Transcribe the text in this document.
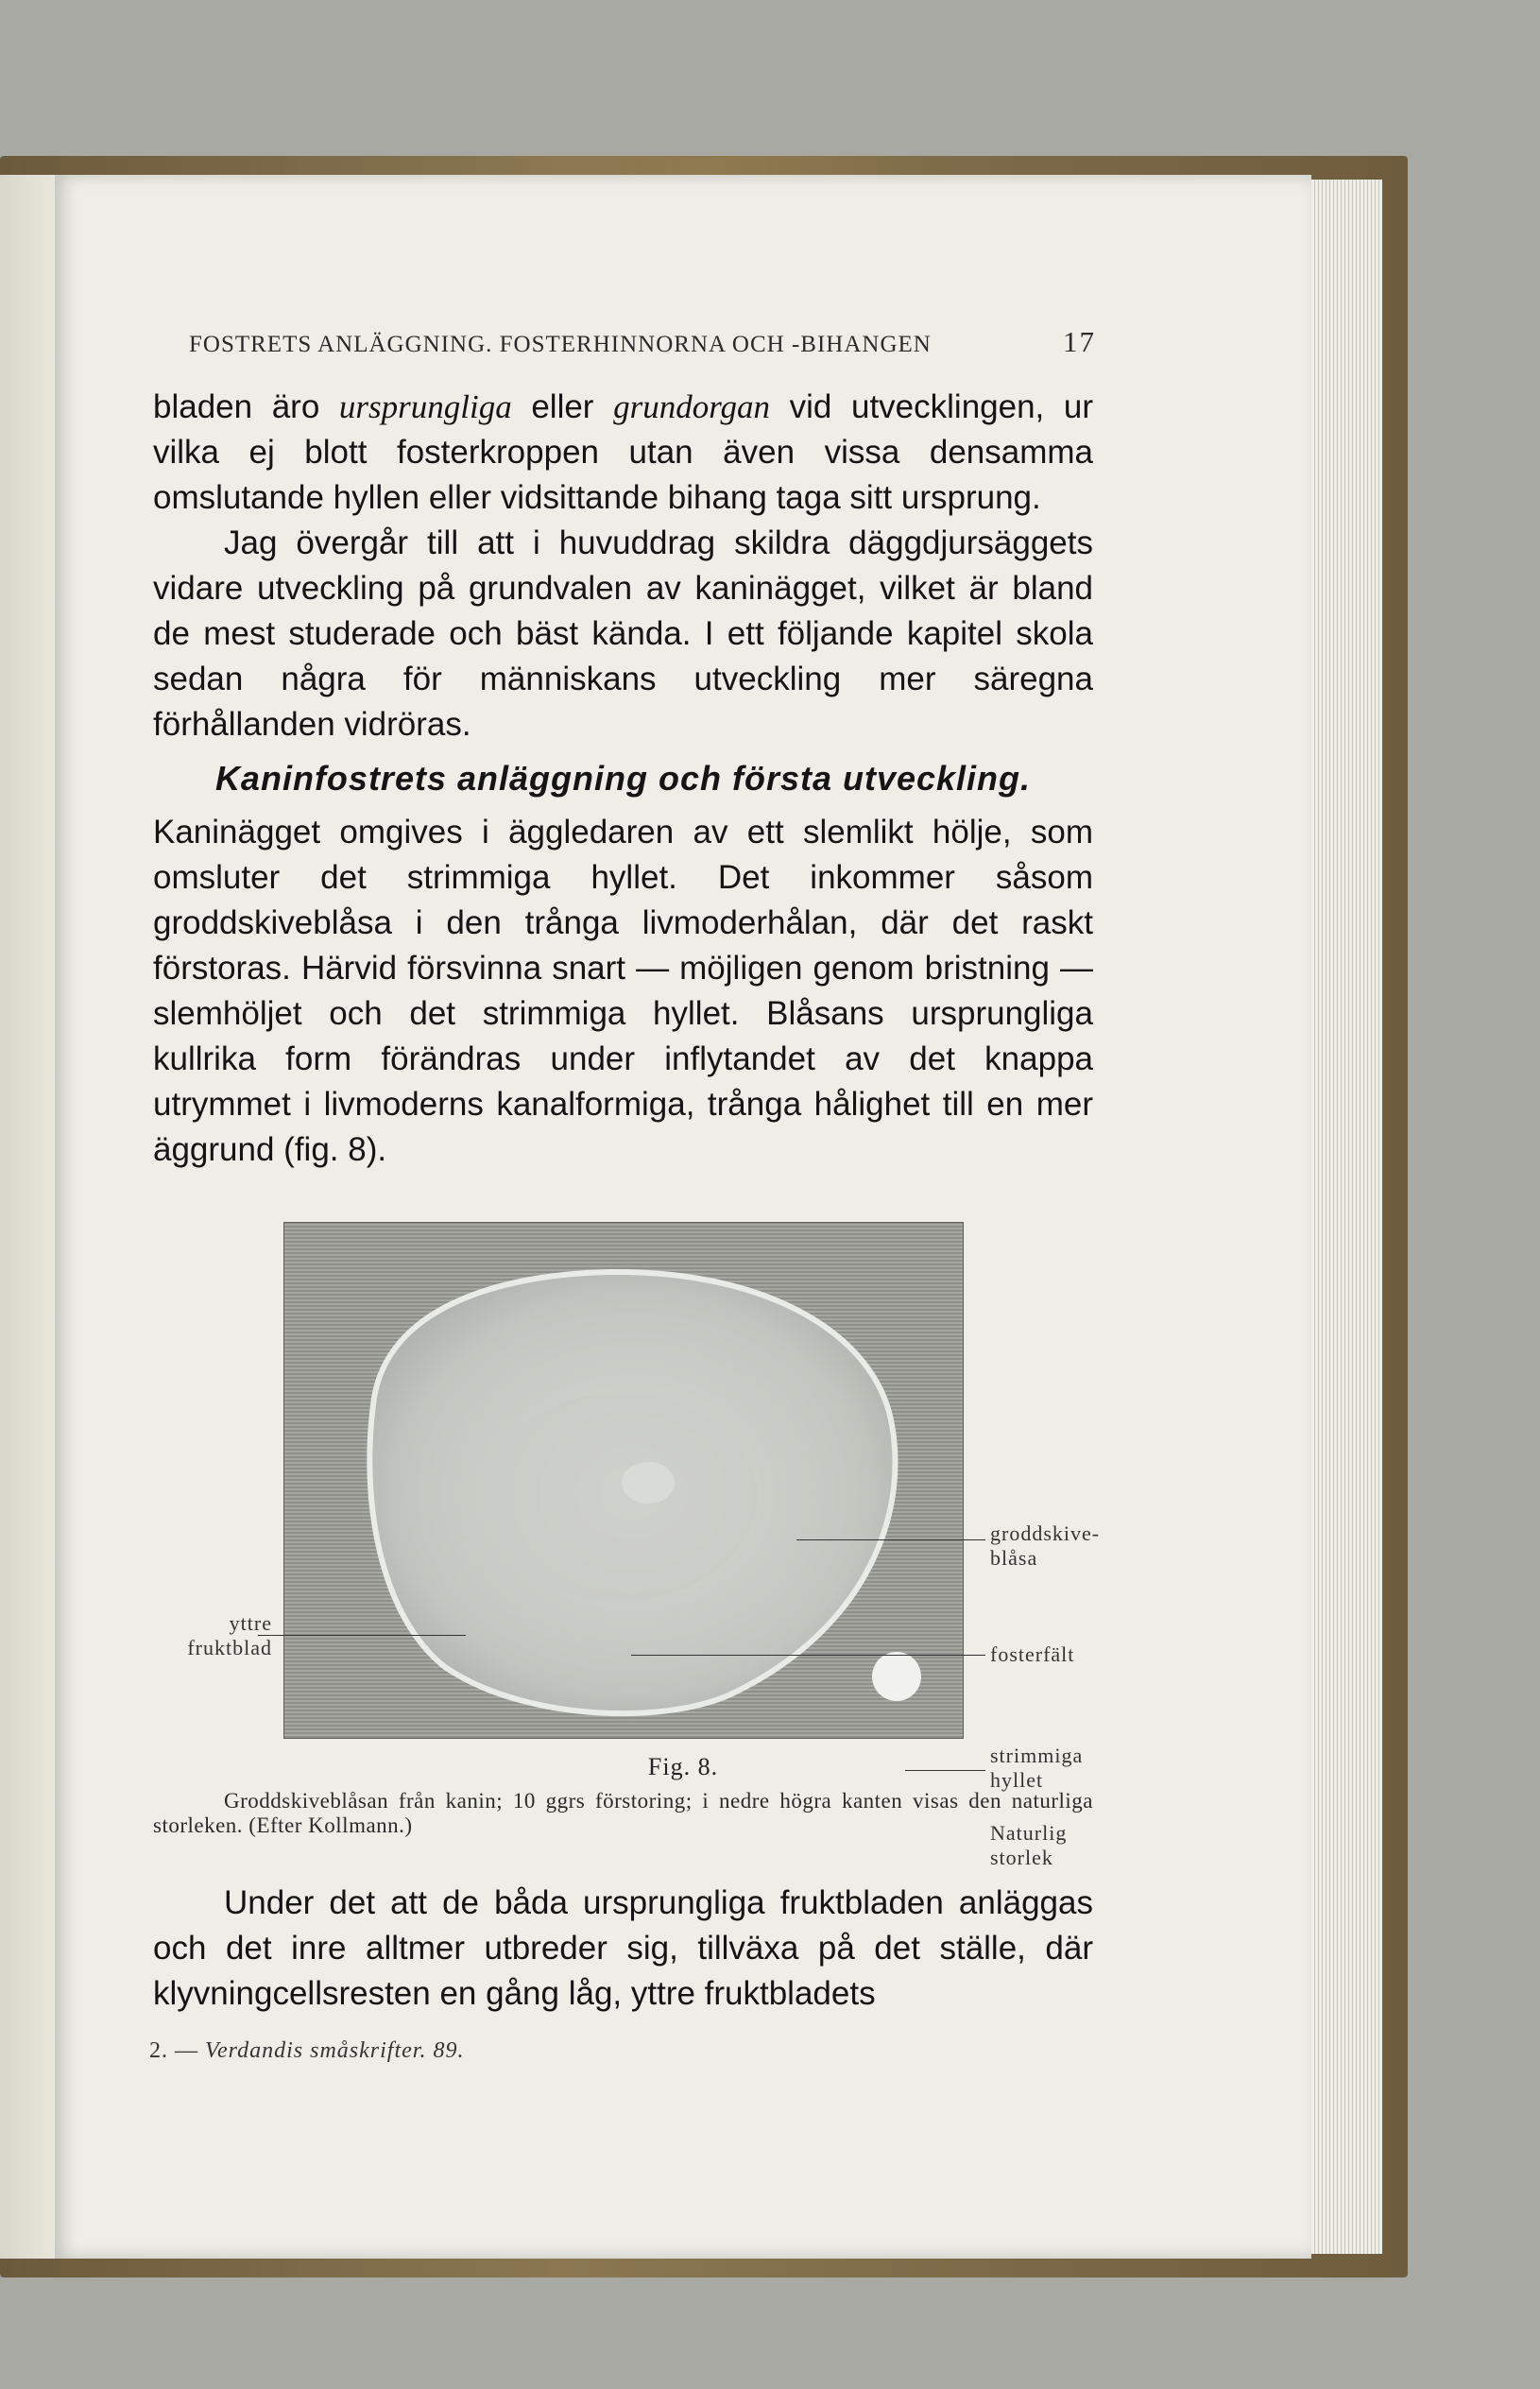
FOSTRETS ANLÄGGNING. FOSTERHINNORNA OCH -BIHANGEN	17

bladen äro ursprungliga eller grundorgan vid utvecklingen, ur vilka ej blott fosterkroppen utan även vissa densamma omslutande hyllen eller vidsittande bihang taga sitt ursprung.

Jag övergår till att i huvuddrag skildra däggdjursäggets vidare utveckling på grundvalen av kaninägget, vilket är bland de mest studerade och bäst kända. I ett följande kapitel skola sedan några för människans utveckling mer säregna förhållanden vidröras.

Kaninfostrets anläggning och första utveckling.

Kaninägget omgives i äggledaren av ett slemlikt hölje, som omsluter det strimmiga hyllet. Det inkommer såsom groddskiveblåsa i den trånga livmoderhålan, där det raskt förstoras. Härvid försvinna snart — möjligen genom bristning — slemhöljet och det strimmiga hyllet. Blåsans ursprungliga kullrika form förändras under inflytandet av det knappa utrymmet i livmoderns kanalformiga, trånga hålighet till en mer äggrund (fig. 8).

yttre fruktblad
groddskive- blåsa
fosterfält
strimmiga hyllet
Naturlig storlek
Fig. 8.

Groddskiveblåsan från kanin; 10 ggrs förstoring; i nedre högra kanten visas den naturliga storleken. (Efter Kollmann.)

Under det att de båda ursprungliga fruktbladen anläggas och det inre alltmer utbreder sig, tillväxa på det ställe, där klyvningcellsresten en gång låg, yttre fruktbladets

2. — Verdandis småskrifter. 89.
